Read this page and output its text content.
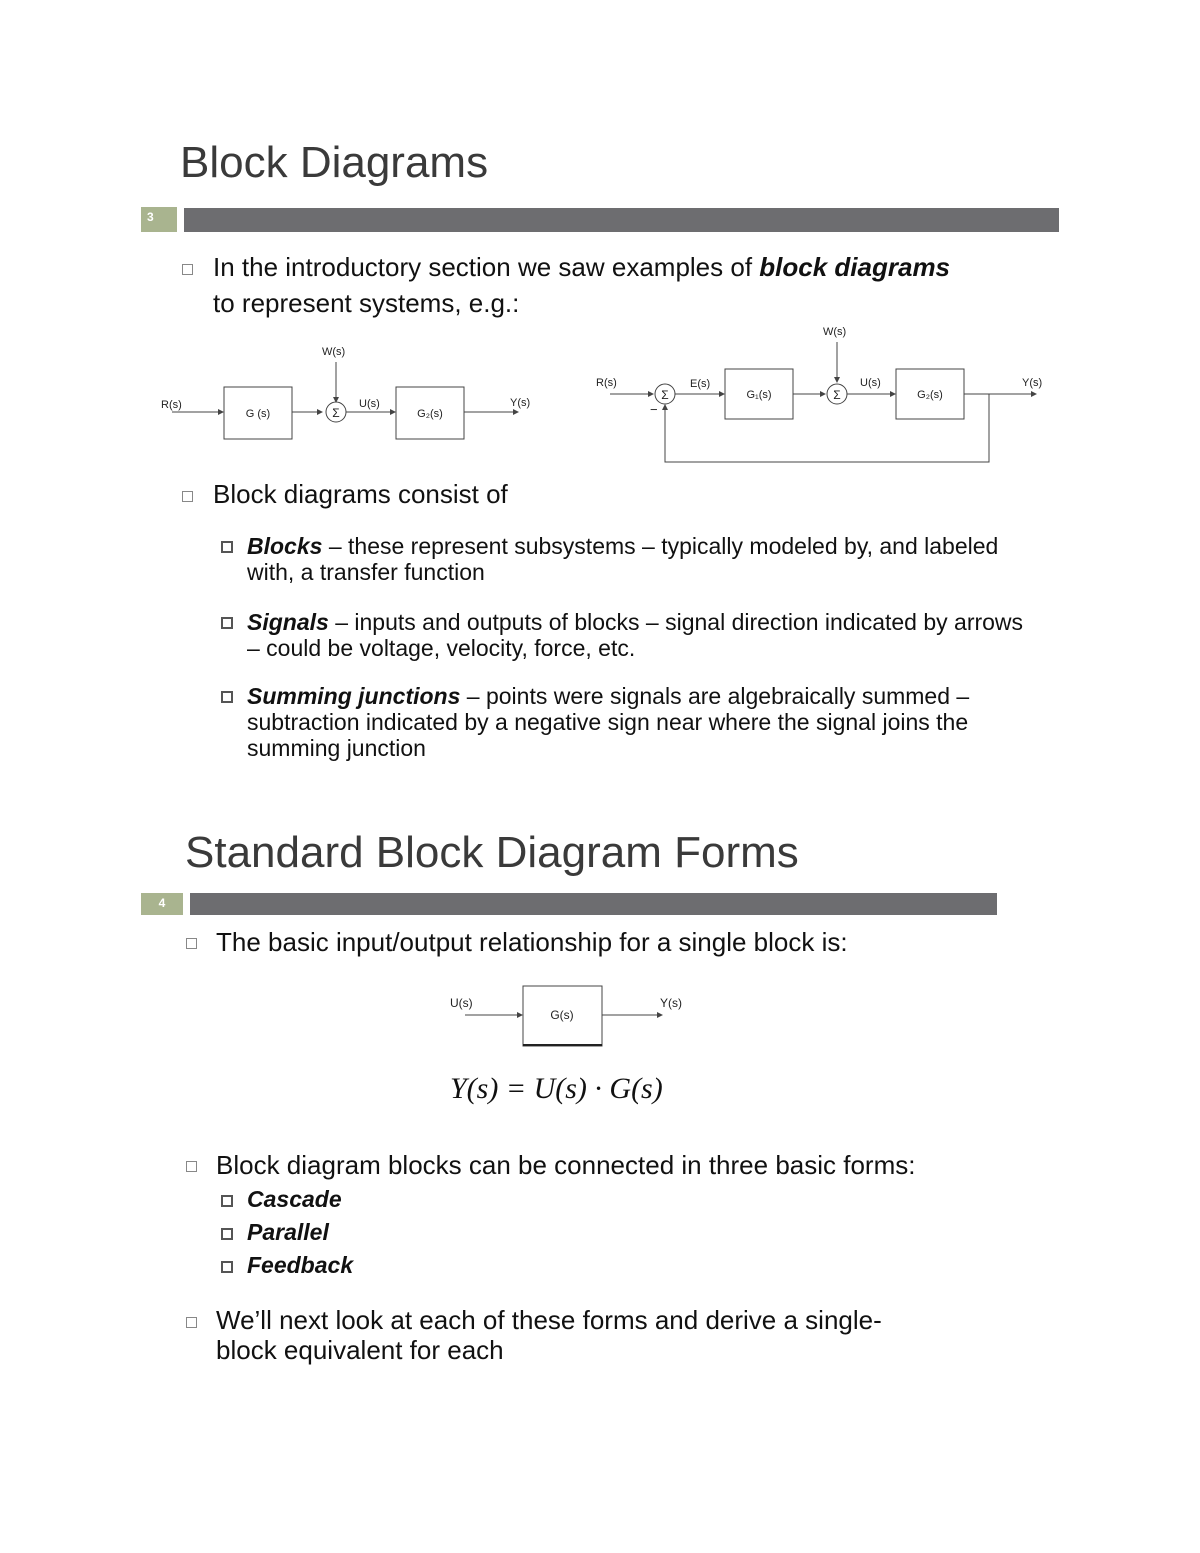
Block Diagrams
3
In the introductory section we saw examples of block diagrams
to represent systems, e.g.:
R(s)
G (s)
W(s)
Σ
U(s)
G₂(s)
Y(s)
R(s)
Σ
−
E(s)
G₁(s)
W(s)
Σ
U(s)
G₂(s)
Y(s)
Block diagrams consist of
Blocks – these represent subsystems – typically modeled by, and labeled with, a transfer function
Signals – inputs and outputs of blocks – signal direction indicated by arrows – could be voltage, velocity, force, etc.
Summing junctions – points were signals are algebraically summed – subtraction indicated by a negative sign near where the signal joins the summing junction
Standard Block Diagram Forms
4
The basic input/output relationship for a single block is:
U(s)
G(s)
Y(s)
Y(s) = U(s) · G(s)
Block diagram blocks can be connected in three basic forms:
Cascade
Parallel
Feedback
We’ll next look at each of these forms and derive a single-
block equivalent for each
